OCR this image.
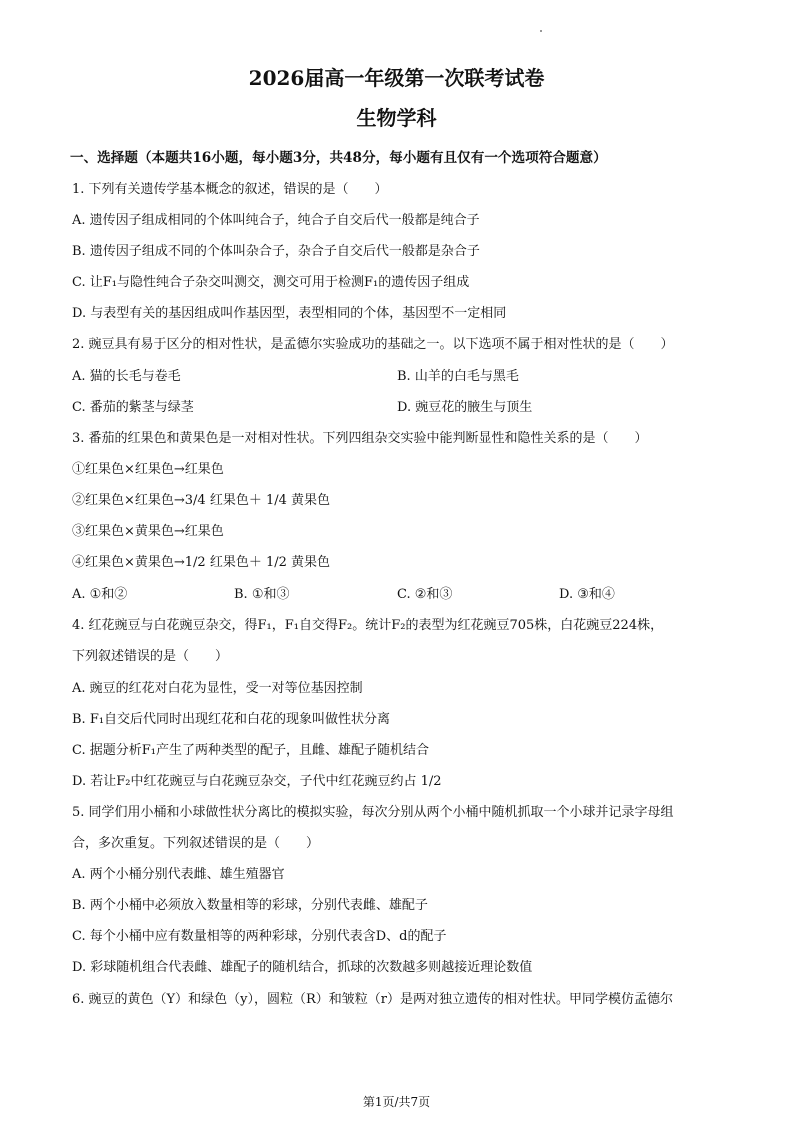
2026届高一年级第一次联考试卷
生物学科
一、选择题（本题共16小题，每小题3分，共48分，每小题有且仅有一个选项符合题意）
1. 下列有关遗传学基本概念的叙述，错误的是（　　）
A. 遗传因子组成相同的个体叫纯合子，纯合子自交后代一般都是纯合子
B. 遗传因子组成不同的个体叫杂合子，杂合子自交后代一般都是杂合子
C. 让F₁与隐性纯合子杂交叫测交，测交可用于检测F₁的遗传因子组成
D. 与表型有关的基因组成叫作基因型，表型相同的个体，基因型不一定相同
2. 豌豆具有易于区分的相对性状，是孟德尔实验成功的基础之一。以下选项不属于相对性状的是（　　）
A. 猫的长毛与卷毛	B. 山羊的白毛与黑毛
C. 番茄的紫茎与绿茎	D. 豌豆花的腋生与顶生
3. 番茄的红果色和黄果色是一对相对性状。下列四组杂交实验中能判断显性和隐性关系的是（　　）
①红果色×红果色→红果色
②红果色×红果色→3/4 红果色＋ 1/4 黄果色
③红果色×黄果色→红果色
④红果色×黄果色→1/2 红果色＋ 1/2 黄果色
A. ①和②	B. ①和③	C. ②和③	D. ③和④
4. 红花豌豆与白花豌豆杂交，得F₁，F₁自交得F₂。统计F₂的表型为红花豌豆705株，白花豌豆224株，
下列叙述错误的是（　　）
A. 豌豆的红花对白花为显性，受一对等位基因控制
B. F₁自交后代同时出现红花和白花的现象叫做性状分离
C. 据题分析F₁产生了两种类型的配子，且雌、雄配子随机结合
D. 若让F₂中红花豌豆与白花豌豆杂交，子代中红花豌豆约占 1/2
5. 同学们用小桶和小球做性状分离比的模拟实验，每次分别从两个小桶中随机抓取一个小球并记录字母组
合，多次重复。下列叙述错误的是（　　）
A. 两个小桶分别代表雌、雄生殖器官
B. 两个小桶中必须放入数量相等的彩球，分别代表雌、雄配子
C. 每个小桶中应有数量相等的两种彩球，分别代表含D、d的配子
D. 彩球随机组合代表雌、雄配子的随机结合，抓球的次数越多则越接近理论数值
6. 豌豆的黄色（Y）和绿色（y），圆粒（R）和皱粒（r）是两对独立遗传的相对性状。甲同学模仿孟德尔
第1页/共7页
